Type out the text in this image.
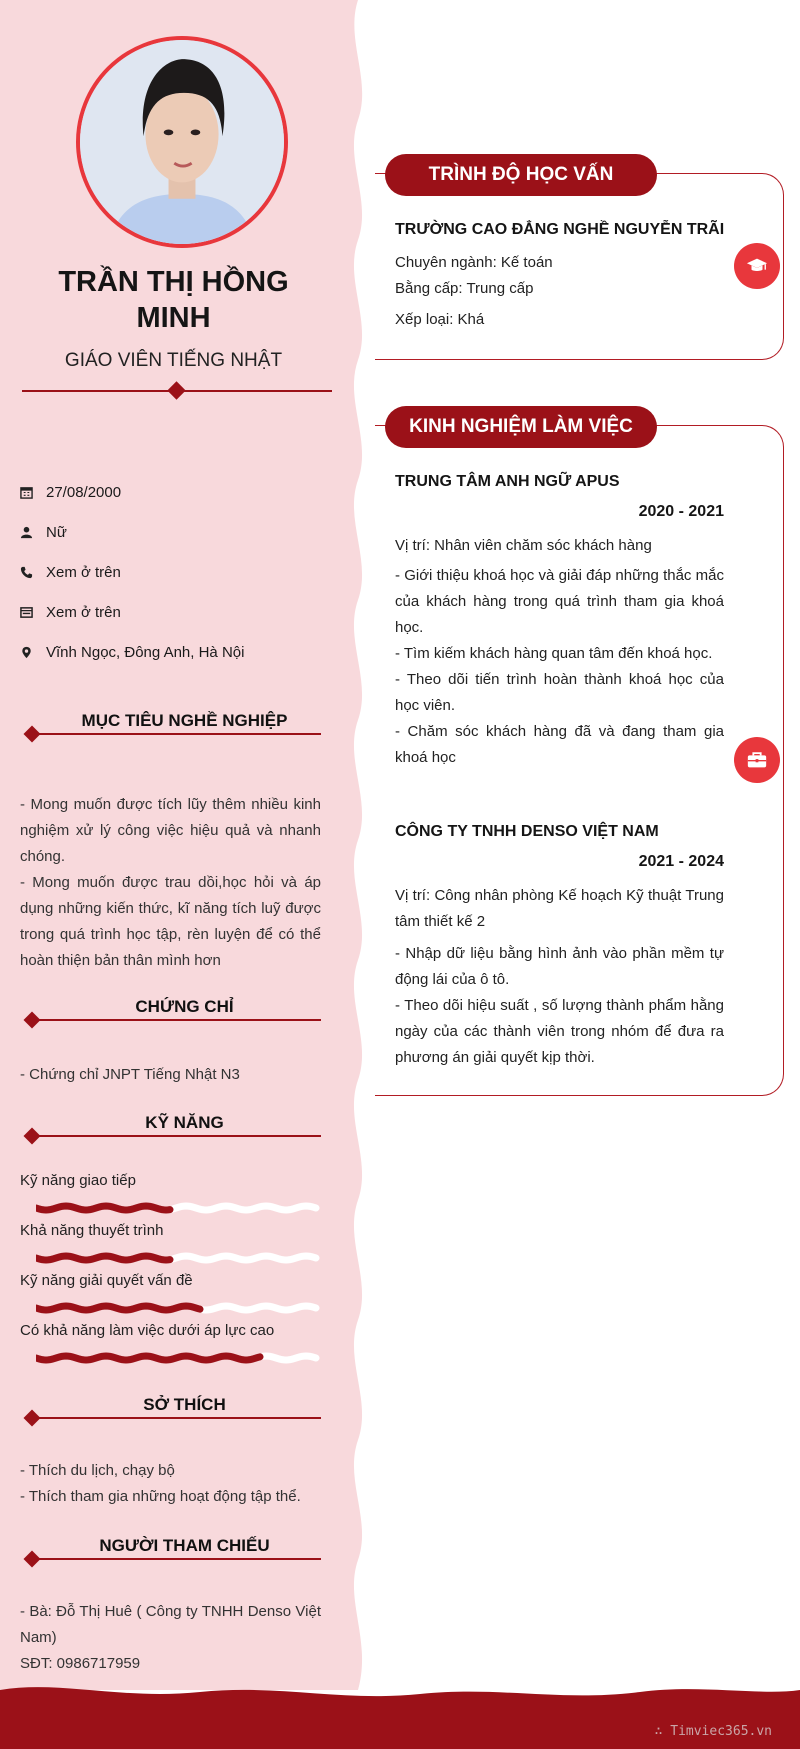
TRẦN THỊ HỒNG
MINH
GIÁO VIÊN TIẾNG NHẬT
27/08/2000
Nữ
Xem ở trên
Xem ở trên
Vĩnh Ngọc, Đông Anh, Hà Nội
MỤC TIÊU NGHỀ NGHIỆP
- Mong muốn được tích lũy thêm nhiều kinh nghiệm xử lý công việc hiệu quả và nhanh chóng.
- Mong muốn được trau dồi,học hỏi và áp dụng những kiến thức, kĩ năng tích luỹ được trong quá trình học tập, rèn luyện để có thể hoàn thiện bản thân mình hơn
CHỨNG CHỈ
- Chứng chỉ JNPT Tiếng Nhật N3
KỸ NĂNG
Kỹ năng giao tiếp
Khả năng thuyết trình
Kỹ năng giải quyết vấn đề
Có khả năng làm việc dưới áp lực cao
SỞ THÍCH
- Thích du lịch, chạy bộ
- Thích tham gia những hoạt động tập thể.
NGƯỜI THAM CHIẾU
- Bà: Đỗ Thị Huê ( Công ty TNHH Denso Việt Nam)
SĐT: 0986717959
TRÌNH ĐỘ HỌC VẤN
TRƯỜNG CAO ĐẲNG NGHỀ NGUYỄN TRÃI
Chuyên ngành: Kế toán
Bằng cấp: Trung cấp
Xếp loại: Khá
KINH NGHIỆM LÀM VIỆC
TRUNG TÂM ANH NGỮ APUS
2020 - 2021
Vị trí: Nhân viên chăm sóc khách hàng
- Giới thiệu khoá học và giải đáp những thắc mắc của khách hàng trong quá trình tham gia khoá học.
- Tìm kiếm khách hàng quan tâm đến khoá học.
- Theo dõi tiến trình hoàn thành khoá học của học viên.
- Chăm sóc khách hàng đã và đang tham gia khoá học
CÔNG TY TNHH DENSO VIỆT NAM
2021 - 2024
Vị trí: Công nhân phòng Kế hoạch Kỹ thuật Trung tâm thiết kế 2
- Nhập dữ liệu bằng hình ảnh vào phần mềm tự động lái của ô tô.
- Theo dõi hiệu suất , số lượng thành phẩm hằng ngày của các thành viên trong nhóm để đưa ra phương án giải quyết kịp thời.
∴ Timviec365.vn
